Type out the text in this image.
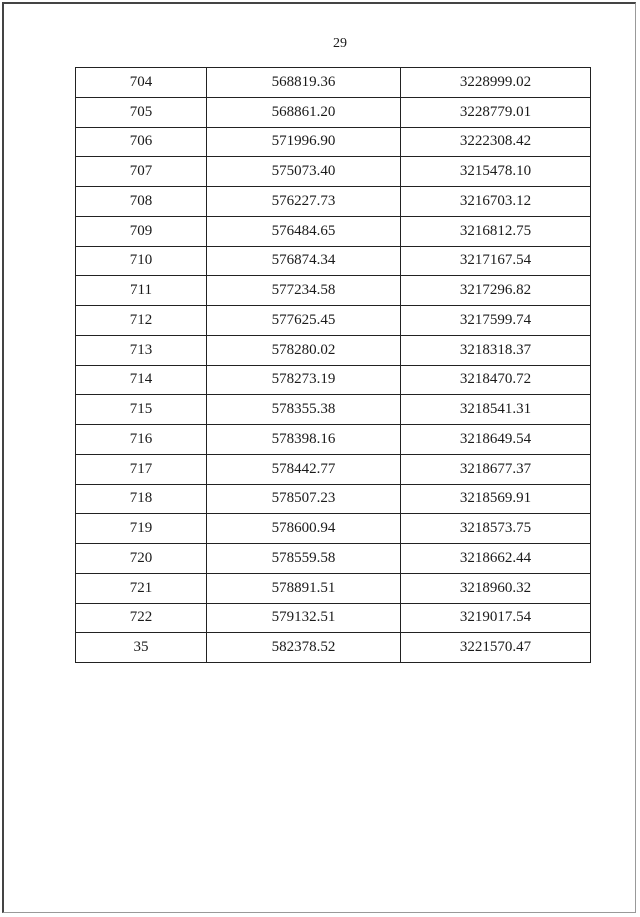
29
704	568819.36	3228999.02
705	568861.20	3228779.01
706	571996.90	3222308.42
707	575073.40	3215478.10
708	576227.73	3216703.12
709	576484.65	3216812.75
710	576874.34	3217167.54
711	577234.58	3217296.82
712	577625.45	3217599.74
713	578280.02	3218318.37
714	578273.19	3218470.72
715	578355.38	3218541.31
716	578398.16	3218649.54
717	578442.77	3218677.37
718	578507.23	3218569.91
719	578600.94	3218573.75
720	578559.58	3218662.44
721	578891.51	3218960.32
722	579132.51	3219017.54
35	582378.52	3221570.47
